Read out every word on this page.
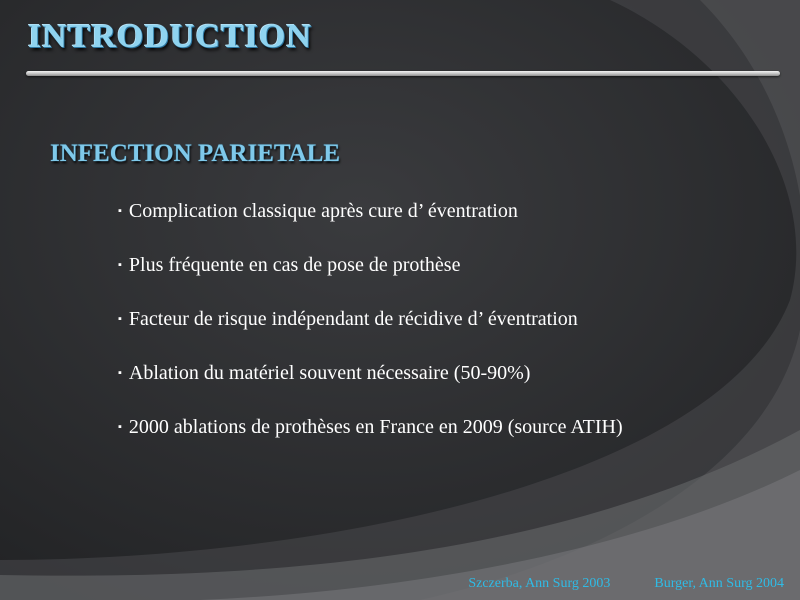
INTRODUCTION
INFECTION PARIETALE
▪ Complication classique après cure d’ éventration
▪ Plus fréquente en cas de pose de prothèse
▪ Facteur de risque indépendant de récidive d’ éventration
▪ Ablation du matériel souvent nécessaire (50-90%)
▪ 2000 ablations de prothèses en France en 2009 (source ATIH)
Szczerba, Ann Surg 2003	Burger, Ann Surg 2004
